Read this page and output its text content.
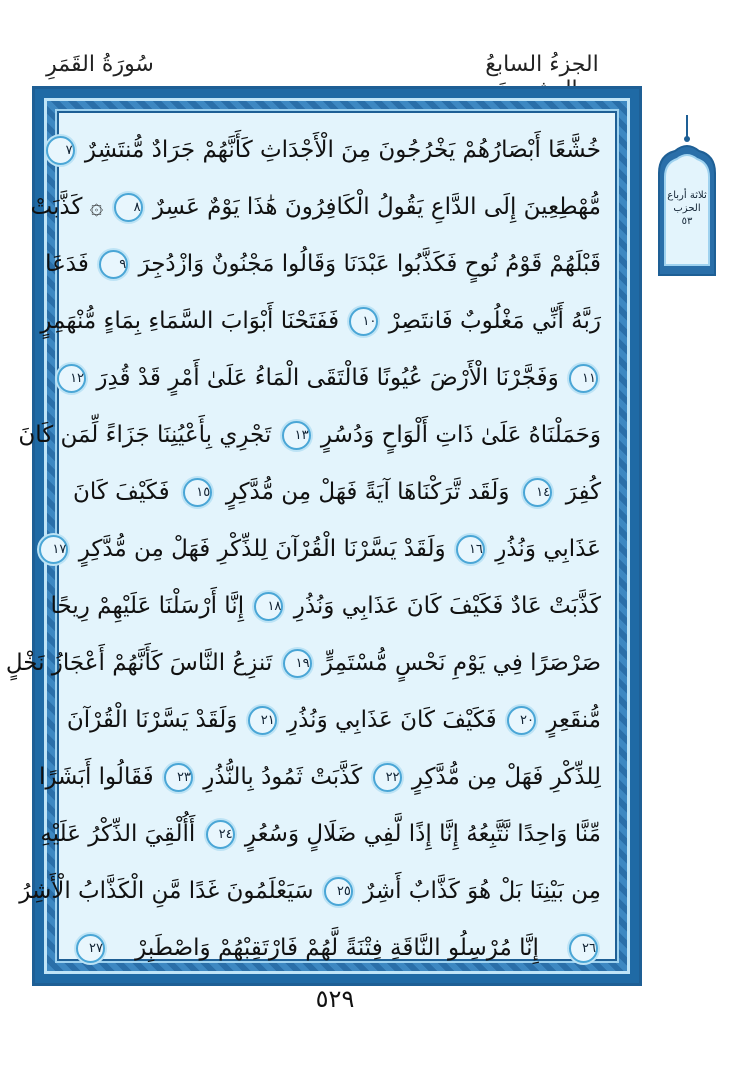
الجزءُ السابعُ
سُورَةُ القَمَرِ
خُشَّعًا أَبْصَارُهُمْ يَخْرُجُونَ مِنَ الْأَجْدَاثِ كَأَنَّهُمْ جَرَادٌ مُّنتَشِرٌ ٧
مُّهْطِعِينَ إِلَى الدَّاعِ يَقُولُ الْكَافِرُونَ هَٰذَا يَوْمٌ عَسِرٌ ٨ ۞ كَذَّبَتْ
قَبْلَهُمْ قَوْمُ نُوحٍ فَكَذَّبُوا عَبْدَنَا وَقَالُوا مَجْنُونٌ وَازْدُجِرَ ٩ فَدَعَا
رَبَّهُ أَنِّي مَغْلُوبٌ فَانتَصِرْ ١٠ فَفَتَحْنَا أَبْوَابَ السَّمَاءِ بِمَاءٍ مُّنْهَمِرٍ
١١ وَفَجَّرْنَا الْأَرْضَ عُيُونًا فَالْتَقَى الْمَاءُ عَلَىٰ أَمْرٍ قَدْ قُدِرَ ١٢
وَحَمَلْنَاهُ عَلَىٰ ذَاتِ أَلْوَاحٍ وَدُسُرٍ ١٣ تَجْرِي بِأَعْيُنِنَا جَزَاءً لِّمَن كَانَ
كُفِرَ ١٤ وَلَقَد تَّرَكْنَاهَا آيَةً فَهَلْ مِن مُّدَّكِرٍ ١٥ فَكَيْفَ كَانَ
عَذَابِي وَنُذُرِ ١٦ وَلَقَدْ يَسَّرْنَا الْقُرْآنَ لِلذِّكْرِ فَهَلْ مِن مُّدَّكِرٍ ١٧
كَذَّبَتْ عَادٌ فَكَيْفَ كَانَ عَذَابِي وَنُذُرِ ١٨ إِنَّا أَرْسَلْنَا عَلَيْهِمْ رِيحًا
صَرْصَرًا فِي يَوْمِ نَحْسٍ مُّسْتَمِرٍّ ١٩ تَنزِعُ النَّاسَ كَأَنَّهُمْ أَعْجَازُ نَخْلٍ
مُّنقَعِرٍ ٢٠ فَكَيْفَ كَانَ عَذَابِي وَنُذُرِ ٢١ وَلَقَدْ يَسَّرْنَا الْقُرْآنَ
لِلذِّكْرِ فَهَلْ مِن مُّدَّكِرٍ ٢٢ كَذَّبَتْ ثَمُودُ بِالنُّذُرِ ٢٣ فَقَالُوا أَبَشَرًا
مِّنَّا وَاحِدًا نَّتَّبِعُهُ إِنَّا إِذًا لَّفِي ضَلَالٍ وَسُعُرٍ ٢٤ أَأُلْقِيَ الذِّكْرُ عَلَيْهِ
مِن بَيْنِنَا بَلْ هُوَ كَذَّابٌ أَشِرٌ ٢٥ سَيَعْلَمُونَ غَدًا مَّنِ الْكَذَّابُ الْأَشِرُ
٢٦ إِنَّا مُرْسِلُو النَّاقَةِ فِتْنَةً لَّهُمْ فَارْتَقِبْهُمْ وَاصْطَبِرْ ٢٧
ثلاثة أرباع
الحزب
٥٣
٥٢٩
